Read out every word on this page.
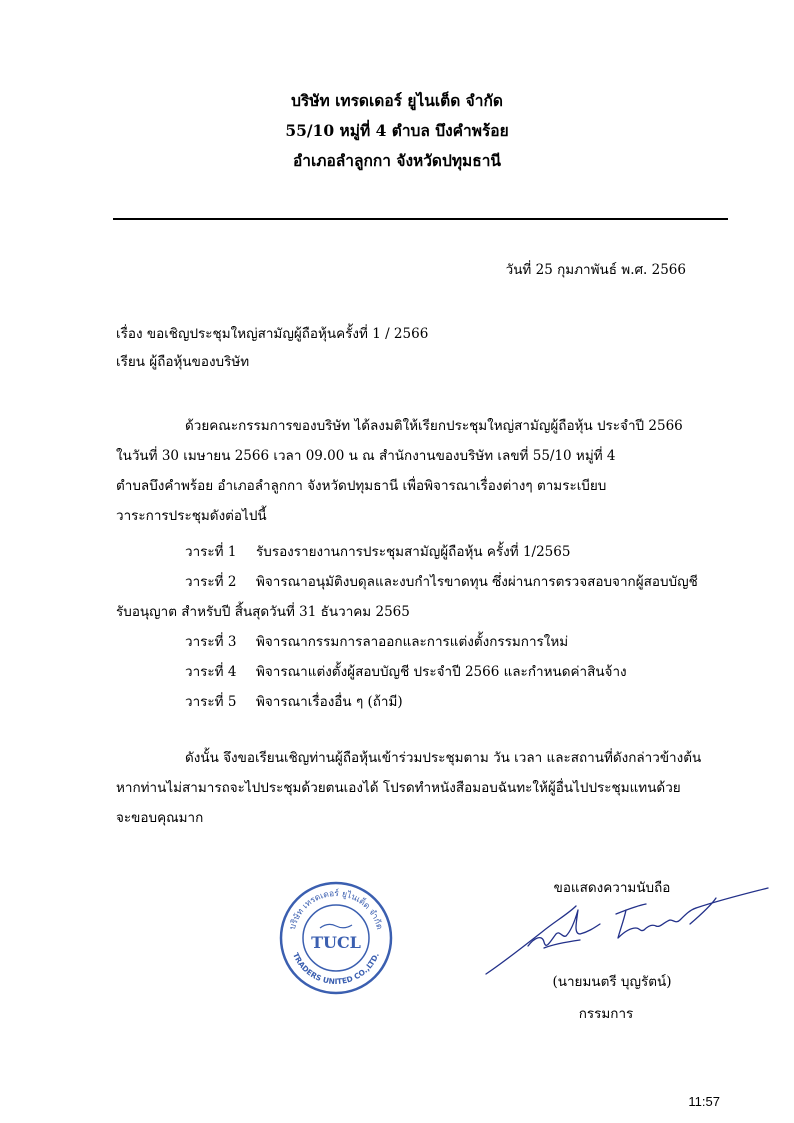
บริษัท เทรดเดอร์ ยูไนเต็ด จำกัด
55/10 หมู่ที่ 4 ตำบล บึงคำพร้อย
อำเภอลำลูกกา จังหวัดปทุมธานี
วันที่ 25 กุมภาพันธ์ พ.ศ. 2566
เรื่อง ขอเชิญประชุมใหญ่สามัญผู้ถือหุ้นครั้งที่ 1 / 2566
เรียน ผู้ถือหุ้นของบริษัท
ด้วยคณะกรรมการของบริษัท ได้ลงมติให้เรียกประชุมใหญ่สามัญผู้ถือหุ้น ประจำปี 2566
ในวันที่ 30 เมษายน 2566 เวลา 09.00 น ณ สำนักงานของบริษัท เลขที่ 55/10 หมู่ที่ 4
ตำบลบึงคำพร้อย อำเภอลำลูกกา จังหวัดปทุมธานี เพื่อพิจารณาเรื่องต่างๆ ตามระเบียบ
วาระการประชุมดังต่อไปนี้
วาระที่ 1 รับรองรายงานการประชุมสามัญผู้ถือหุ้น ครั้งที่ 1/2565
วาระที่ 2 พิจารณาอนุมัติงบดุลและงบกำไรขาดทุน ซึ่งผ่านการตรวจสอบจากผู้สอบบัญชี
รับอนุญาต สำหรับปี สิ้นสุดวันที่ 31 ธันวาคม 2565
วาระที่ 3 พิจารณากรรมการลาออกและการแต่งตั้งกรรมการใหม่
วาระที่ 4 พิจารณาแต่งตั้งผู้สอบบัญชี ประจำปี 2566 และกำหนดค่าสินจ้าง
วาระที่ 5 พิจารณาเรื่องอื่น ๆ (ถ้ามี)
ดังนั้น จึงขอเรียนเชิญท่านผู้ถือหุ้นเข้าร่วมประชุมตาม วัน เวลา และสถานที่ดังกล่าวข้างต้น
หากท่านไม่สามารถจะไปประชุมด้วยตนเองได้ โปรดทำหนังสือมอบฉันทะให้ผู้อื่นไปประชุมแทนด้วย
จะขอบคุณมาก
ขอแสดงความนับถือ
บริษัท เทรดเดอร์ ยูไนเต็ด จำกัด
TRADERS UNITED CO.,LTD.
TUCL
(นายมนตรี บุญรัตน์)
กรรมการ
11:57
